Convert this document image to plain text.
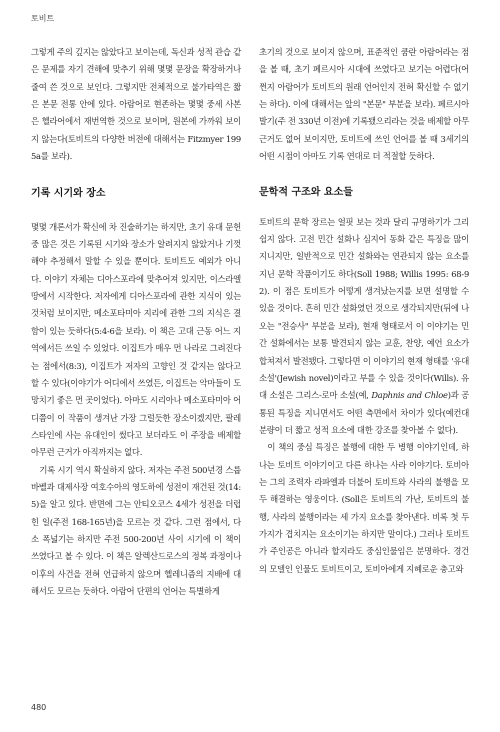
토비트

그렇게 주의 깊지는 않았다고 보이는데, 독신과 성적 관습 같은 문제를 자기 견해에 맞추기 위해 몇몇 문장을 확장하거나 줄여 쓴 것으로 보인다. 그렇지만 전체적으로 불가타역은 짧은 본문 전통 안에 있다. 아람어로 현존하는 몇몇 중세 사본은 헬라어에서 재번역한 것으로 보이며, 원본에 가까워 보이지 않는다(토비트의 다양한 버전에 대해서는 Fitzmyer 1995a를 보라).

기록 시기와 장소

몇몇 개론서가 확신에 차 진술하기는 하지만, 초기 유대 문헌 중 많은 것은 기록된 시기와 장소가 알려지지 않았거나 기껏해야 추정해서 말할 수 있을 뿐이다. 토비트도 예외가 아니다. 이야기 자체는 디아스포라에 맞추어져 있지만, 이스라엘 땅에서 시작한다. 저자에게 디아스포라에 관한 지식이 있는 것처럼 보이지만, 메소포타미아 지리에 관한 그의 지식은 결함이 있는 듯하다(5:4-6을 보라). 이 책은 고대 근동 어느 지역에서든 쓰일 수 있었다. 이집트가 매우 먼 나라로 그려진다는 점에서(8:3), 이집트가 저자의 고향인 것 같지는 않다고 할 수 있다(이야기가 어디에서 쓰였든, 이집트는 악마들이 도망치기 좋은 먼 곳이었다). 아마도 시리아나 메소포타미아 어디쯤이 이 작품이 생겨난 가장 그럴듯한 장소이겠지만, 팔레스타인에 사는 유대인이 썼다고 보더라도 이 주장을 배제할 아무런 근거가 아직까지는 없다.

기록 시기 역시 확실하지 않다. 저자는 주전 500년경 스룹바벨과 대제사장 여호수아의 영도하에 성전이 재건된 것(14:5)을 알고 있다. 반면에 그는 안티오코스 4세가 성전을 더럽힌 일(주전 168-165년)을 모르는 것 같다. 그런 점에서, 다소 폭넓기는 하지만 주전 500-200년 사이 시기에 이 책이 쓰였다고 볼 수 있다. 이 책은 알렉산드로스의 정복 과정이나 이후의 사건을 전혀 언급하지 않으며 헬레니즘의 지배에 대해서도 모르는 듯하다. 아람어 단편의 언어는 특별하게

초기의 것으로 보이지 않으며, 표준적인 쿰란 아람어라는 점을 볼 때, 초기 페르시아 시대에 쓰였다고 보기는 어렵다(어쩐지 아람어가 토비트의 원래 언어인지 전혀 확신할 수 없기는 하다). 이에 대해서는 앞의 "본문" 부분을 보라). 페르시아 발기(주 전 330년 이전)에 기록됐으리라는 것을 배제할 아무 근거도 없어 보이지만, 토비트에 쓰인 언어를 볼 때 3세기의 어떤 시점이 아마도 기록 연대로 더 적절할 듯하다.

문학적 구조와 요소들

토비트의 문학 장르는 얼핏 보는 것과 달리 규명하기가 그리 쉽지 않다. 고전 민간 설화나 심지어 동화 같은 특징을 많이 지니지만, 일반적으로 민간 설화와는 연관되지 않는 요소를 지닌 문학 작품이기도 하다(Soll 1988; Willis 1995: 68-92). 이 점은 토비트가 어떻게 생겨났는지를 보면 설명할 수 있을 것이다. 흔히 민간 설화였던 것으로 생각되지만(뒤에 나오는 "전승사" 부분을 보라), 현재 형태로서 이 이야기는 민간 설화에서는 보통 발견되지 않는 교훈, 찬양, 예언 요소가 합쳐져서 발전됐다. 그렇다면 이 이야기의 현재 형태를 '유대 소설'(Jewish novel)이라고 부를 수 있을 것이다(Wills). 유대 소설은 그리스-로마 소설(예, Daphnis and Chloe)과 공통된 특징을 지니면서도 어떤 측면에서 차이가 있다(예컨대 분량이 더 짧고 성적 요소에 대한 강조를 찾아볼 수 없다).

이 책의 중심 특징은 불행에 대한 두 병행 이야기인데, 하나는 토비트 이야기이고 다른 하나는 사라 이야기다. 토비아는 그의 조력자 라파엘과 더불어 토비트와 사라의 불행을 모두 해결하는 영웅이다. (Soll은 토비트의 가난, 토비트의 불행, 사라의 불행이라는 세 가지 요소를 찾아낸다. 비록 첫 두 가지가 겹치지는 요소이기는 하지만 말이다.) 그러나 토비트가 주인공은 아니라 할지라도 중심인물임은 분명하다. 경건의 모델인 인물도 토비트이고, 토비아에게 지혜로운 충고와

480
